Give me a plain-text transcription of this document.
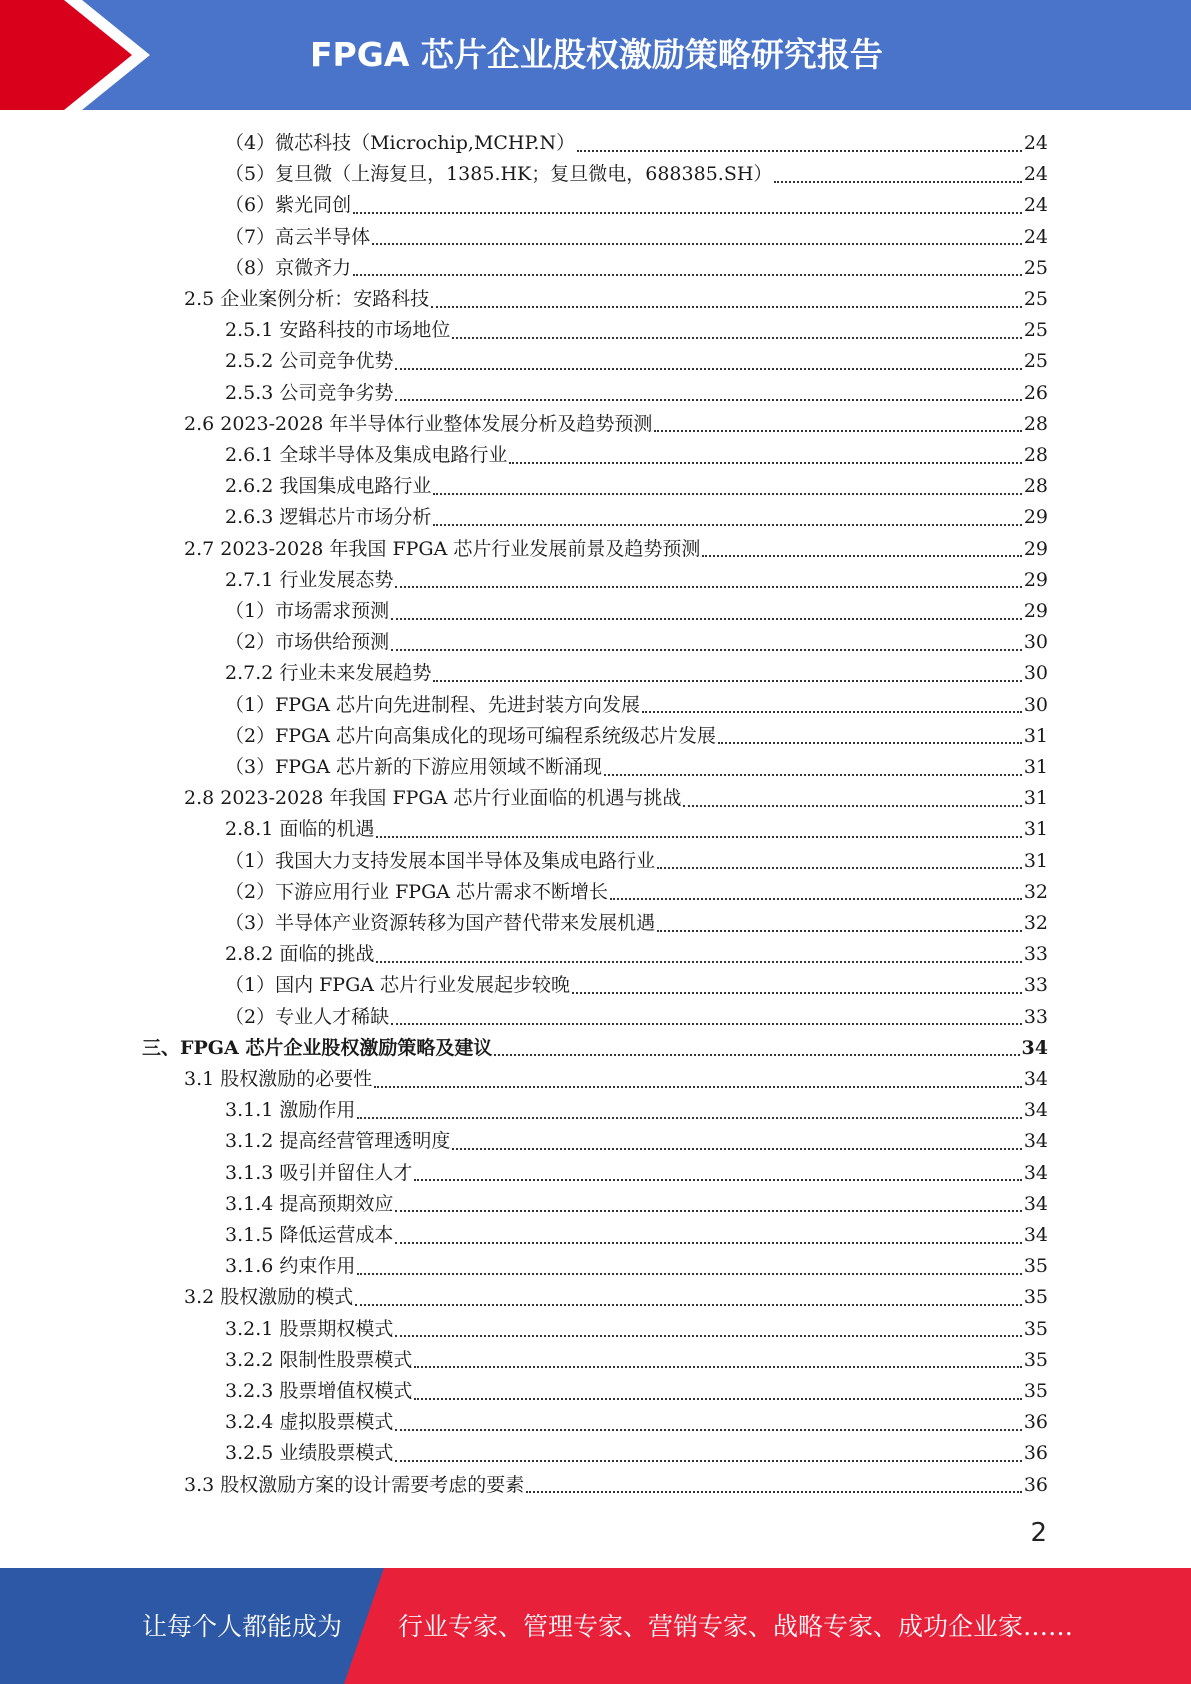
FPGA 芯片企业股权激励策略研究报告
（4）微芯科技（Microchip,MCHP.N）	24
（5）复旦微（上海复旦，1385.HK；复旦微电，688385.SH）	24
（6）紫光同创	24
（7）高云半导体	24
（8）京微齐力	25
2.5 企业案例分析：安路科技	25
2.5.1 安路科技的市场地位	25
2.5.2 公司竞争优势	25
2.5.3 公司竞争劣势	26
2.6 2023-2028 年半导体行业整体发展分析及趋势预测	28
2.6.1 全球半导体及集成电路行业	28
2.6.2 我国集成电路行业	28
2.6.3 逻辑芯片市场分析	29
2.7 2023-2028 年我国 FPGA 芯片行业发展前景及趋势预测	29
2.7.1 行业发展态势	29
（1）市场需求预测	29
（2）市场供给预测	30
2.7.2 行业未来发展趋势	30
（1）FPGA 芯片向先进制程、先进封装方向发展	30
（2）FPGA 芯片向高集成化的现场可编程系统级芯片发展	31
（3）FPGA 芯片新的下游应用领域不断涌现	31
2.8 2023-2028 年我国 FPGA 芯片行业面临的机遇与挑战	31
2.8.1 面临的机遇	31
（1）我国大力支持发展本国半导体及集成电路行业	31
（2）下游应用行业 FPGA 芯片需求不断增长	32
（3）半导体产业资源转移为国产替代带来发展机遇	32
2.8.2 面临的挑战	33
（1）国内 FPGA 芯片行业发展起步较晚	33
（2）专业人才稀缺	33
三、FPGA 芯片企业股权激励策略及建议	34
3.1 股权激励的必要性	34
3.1.1 激励作用	34
3.1.2 提高经营管理透明度	34
3.1.3 吸引并留住人才	34
3.1.4 提高预期效应	34
3.1.5 降低运营成本	34
3.1.6 约束作用	35
3.2 股权激励的模式	35
3.2.1 股票期权模式	35
3.2.2 限制性股票模式	35
3.2.3 股票增值权模式	35
3.2.4 虚拟股票模式	36
3.2.5 业绩股票模式	36
3.3 股权激励方案的设计需要考虑的要素	36
2
让每个人都能成为 行业专家、管理专家、营销专家、战略专家、成功企业家……
